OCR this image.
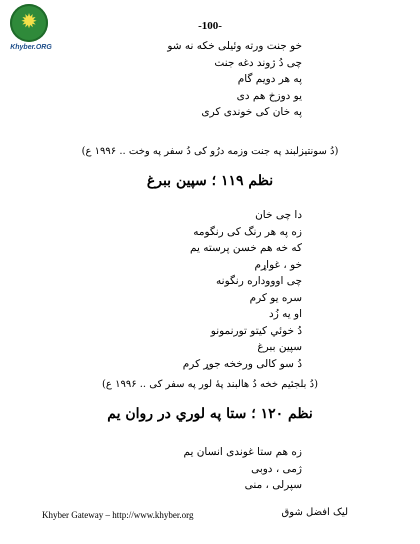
-100-
✹
Khyber.ORG	خو جنت ورته وئیلی خکه نه شو
چی دُ ژوند دغه جنت
په هر دویم گام
یو دوزخ هم دی
په خان کی خوندی کری
(دُ سونتیزلبند په جنت وزمه درُو کی دُ سفر په وخت .. ۱۹۹۶ ع)
نظم ۱۱۹ ؛ سپین ببرغ
دا چی خان
زه په هر رنگ کی رنگومه
که خه هم خسن پرسته یم
خو ، غواړم
چی اوووداره رنگونه
سره یو کرم
او یه زُد
دُ خوئي کیتو تورنمونو
سپین ببرغ
دُ سو کالی ورخخه جوړ کرم
(دُ بلجئیم خخه دُ هالبند پۀ لور په سفر کی .. ۱۹۹۶ ع)
نظم ۱۲۰ ؛ ستا په لوري در روان یم
زه هم ستا غوندی انسان یم
ژمی ، دوبی
سپرلی ، منی
Khyber Gateway – http://www.khyber.org	لیک افضل شوق
